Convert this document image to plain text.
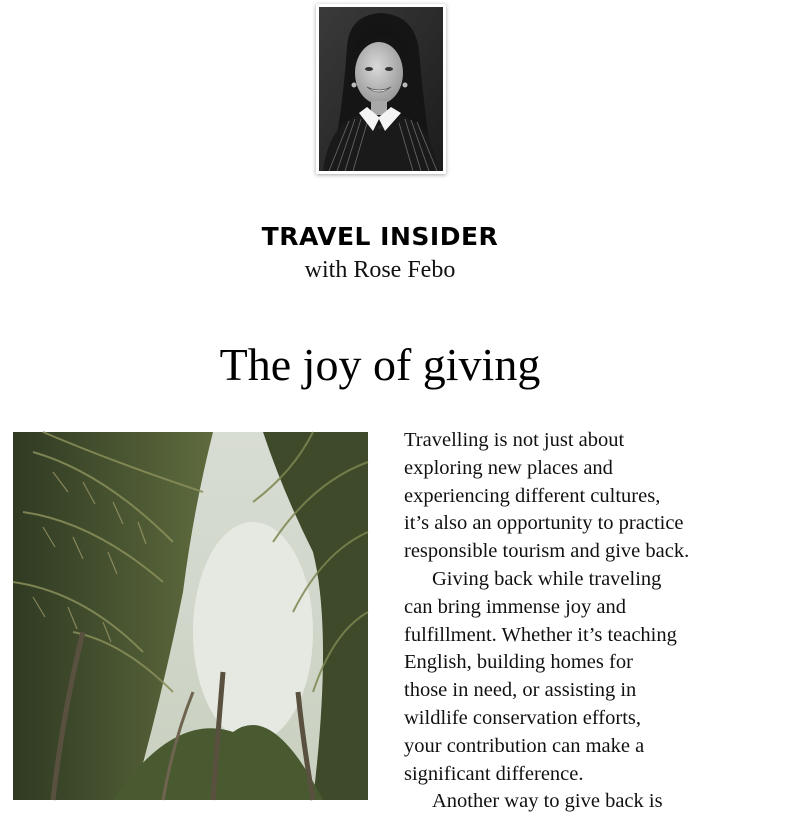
TRAVEL INSIDER
with Rose Febo
The joy of giving
Travelling is not just about
exploring new places and
experiencing different cultures,
it’s also an opportunity to practice
responsible tourism and give back.
Giving back while traveling
can bring immense joy and
fulfillment. Whether it’s teaching
English, building homes for
those in need, or assisting in
wildlife conservation efforts,
your contribution can make a
significant difference.
Another way to give back is
